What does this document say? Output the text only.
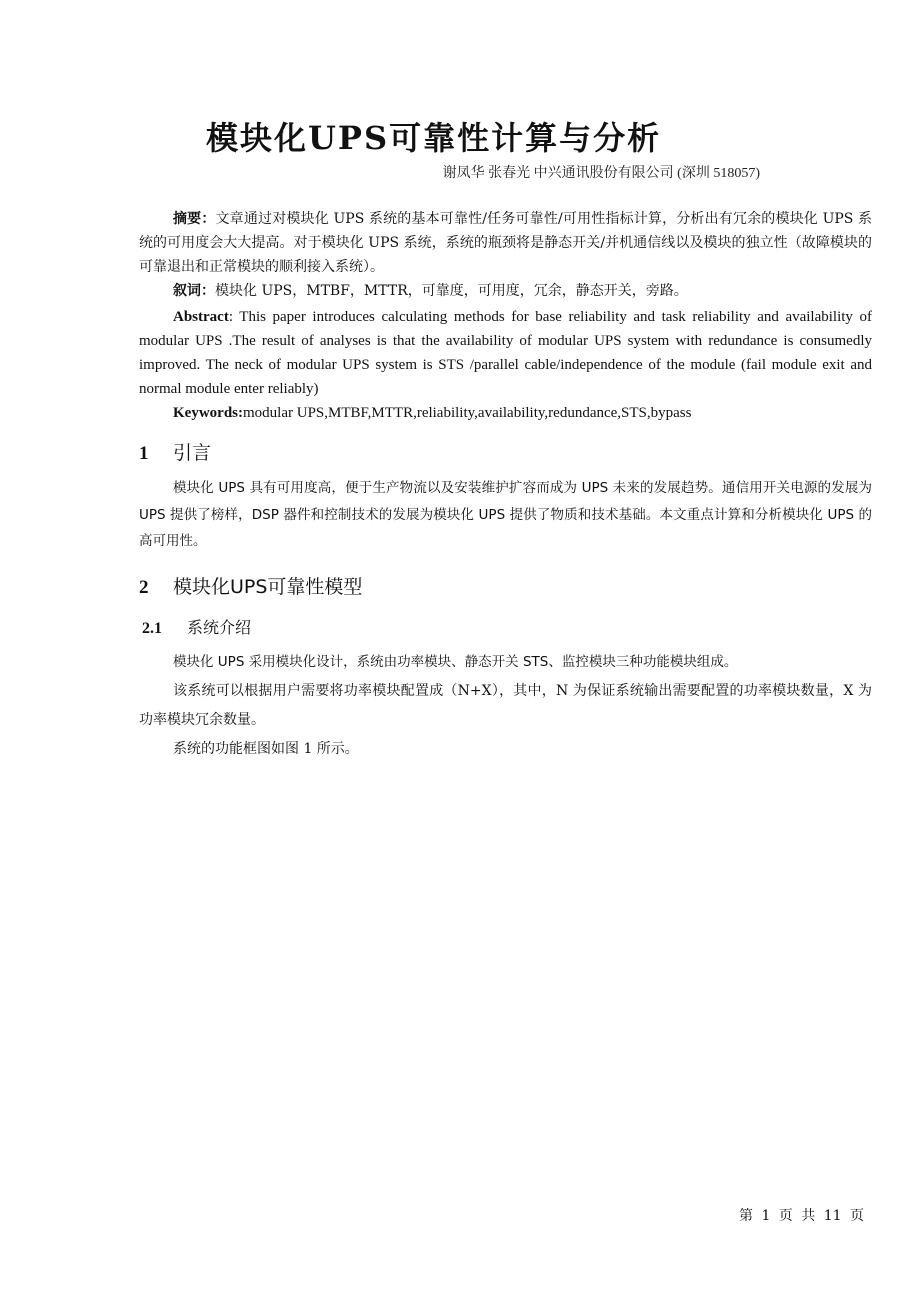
模块化UPS可靠性计算与分析
谢凤华 张春光 中兴通讯股份有限公司 (深圳 518057)

摘要：文章通过对模块化 UPS 系统的基本可靠性/任务可靠性/可用性指标计算，分析出有冗余的模块化 UPS 系统的可用度会大大提高。对于模块化 UPS 系统，系统的瓶颈将是静态开关/并机通信线以及模块的独立性（故障模块的可靠退出和正常模块的顺利接入系统）。

叙词：模块化 UPS，MTBF，MTTR，可靠度，可用度，冗余，静态开关，旁路。

Abstract: This paper introduces calculating methods for base reliability and task reliability and availability of modular UPS .The result of analyses is that the availability of modular UPS system with redundance is consumedly improved. The neck of modular UPS system is STS /parallel cable/independence of the module (fail module exit and normal module enter reliably)

Keywords:modular UPS,MTBF,MTTR,reliability,availability,redundance,STS,bypass

1 引言

模块化 UPS 具有可用度高，便于生产物流以及安装维护扩容而成为 UPS 未来的发展趋势。通信用开关电源的发展为 UPS 提供了榜样，DSP 器件和控制技术的发展为模块化 UPS 提供了物质和技术基础。本文重点计算和分析模块化 UPS 的高可用性。

2 模块化UPS可靠性模型
2.1 系统介绍

模块化 UPS 采用模块化设计，系统由功率模块、静态开关 STS、监控模块三种功能模块组成。

该系统可以根据用户需要将功率模块配置成（N+X），其中，N 为保证系统输出需要配置的功率模块数量，X 为功率模块冗余数量。

系统的功能框图如图 1 所示。

第 1 页 共 11 页
